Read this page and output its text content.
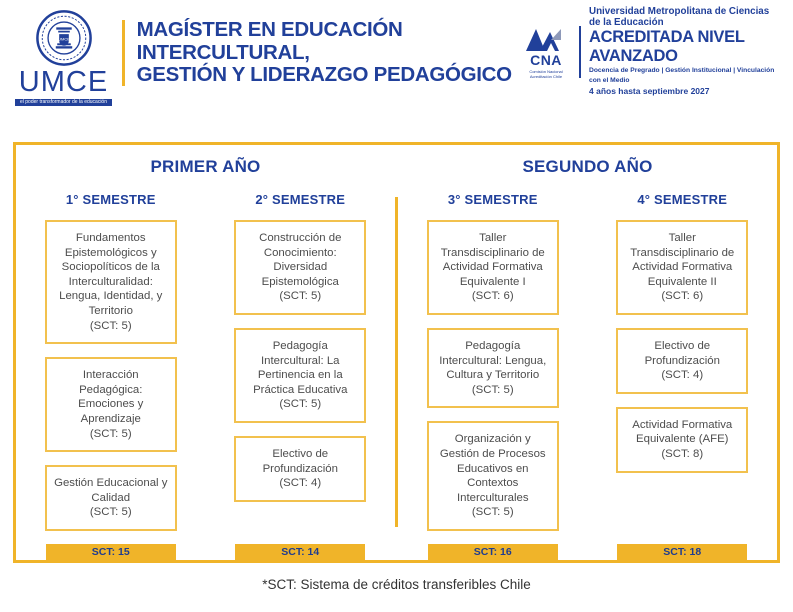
UMCE
UMCE
el poder transformador de la educación
MAGÍSTER EN EDUCACIÓN INTERCULTURAL,
GESTIÓN Y LIDERAZGO PEDAGÓGICO
CNA
Comisión Nacional Acreditación Chile
Universidad Metropolitana de Ciencias de la Educación
ACREDITADA NIVEL AVANZADO
Docencia de Pregrado | Gestión Institucional | Vinculación con el Medio
4 años hasta septiembre 2027
PRIMER AÑO
1° SEMESTRE
Fundamentos Epistemológicos y Sociopolíticos de la Interculturalidad: Lengua, Identidad, y Territorio
(SCT: 5)
Interacción Pedagógica: Emociones y Aprendizaje
(SCT: 5)
Gestión Educacional y Calidad
(SCT: 5)
SCT: 15
2° SEMESTRE
Construcción de Conocimiento: Diversidad Epistemológica
(SCT: 5)
Pedagogía Intercultural: La Pertinencia en la Práctica Educativa
(SCT: 5)
Electivo de Profundización
(SCT: 4)
SCT: 14
SEGUNDO AÑO
3° SEMESTRE
Taller Transdisciplinario de Actividad Formativa Equivalente I
(SCT: 6)
Pedagogía Intercultural: Lengua, Cultura y Territorio
(SCT: 5)
Organización y Gestión de Procesos Educativos en Contextos Interculturales
(SCT: 5)
SCT: 16
4° SEMESTRE
Taller Transdisciplinario de Actividad Formativa Equivalente II
(SCT: 6)
Electivo de Profundización
(SCT: 4)
Actividad Formativa Equivalente (AFE)
(SCT: 8)
SCT: 18
*SCT: Sistema de créditos transferibles Chile
